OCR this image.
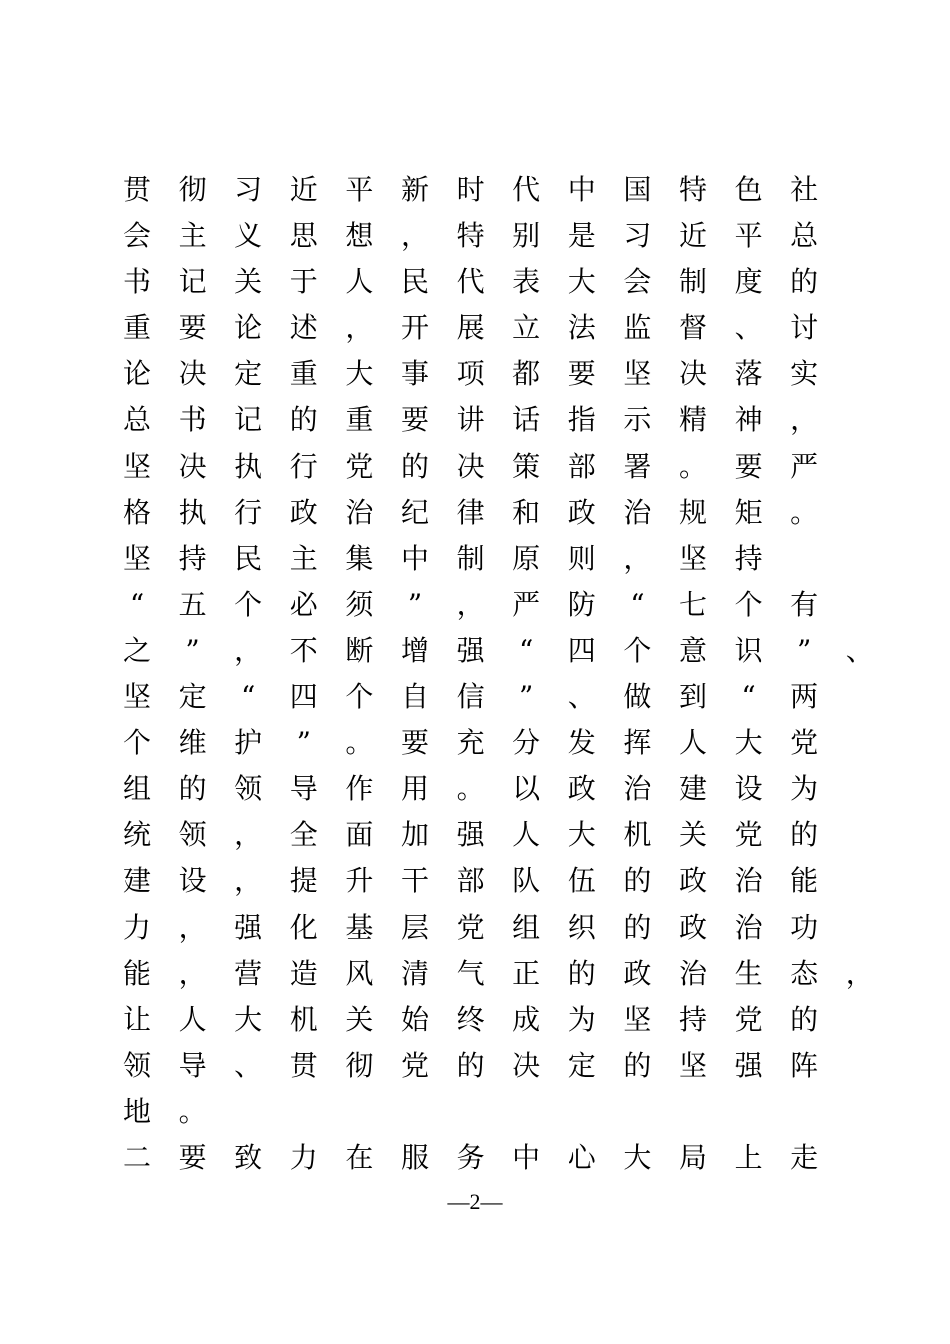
贯 彻 习 近 平 新 时 代 中 国 特 色 社
会 主 义 思 想 ， 特 别 是 习 近 平 总
书 记 关 于 人 民 代 表 大 会 制 度 的
重 要 论 述 ， 开 展 立 法 监 督 、 讨
论 决 定 重 大 事 项 都 要 坚 决 落 实
总 书 记 的 重 要 讲 话 指 示 精 神 ，
坚 决 执 行 党 的 决 策 部 署 。 要 严
格 执 行 政 治 纪 律 和 政 治 规 矩 。
坚 持 民 主 集 中 制 原 则 ， 坚 持
“	五 个 必 须	”	， 严 防	“	七 个 有
之	”	， 不 断 增 强	“	四 个 意 识	”	、
坚 定	“	四 个 自 信	”	、 做 到	“	两
个 维 护	”	。 要 充 分 发 挥 人 大 党
组 的 领 导 作 用 。 以 政 治 建 设 为
统 领 ， 全 面 加 强 人 大 机 关 党 的
建 设 ， 提 升 干 部 队 伍 的 政 治 能
力 ， 强 化 基 层 党 组 织 的 政 治 功
能 ， 营 造 风 清 气 正 的 政 治 生 态 ，
让 人 大 机 关 始 终 成 为 坚 持 党 的
领 导 、 贯 彻 党 的 决 定 的 坚 强 阵
地 。
二 要 致 力 在 服 务 中 心 大 局 上 走
—2—
